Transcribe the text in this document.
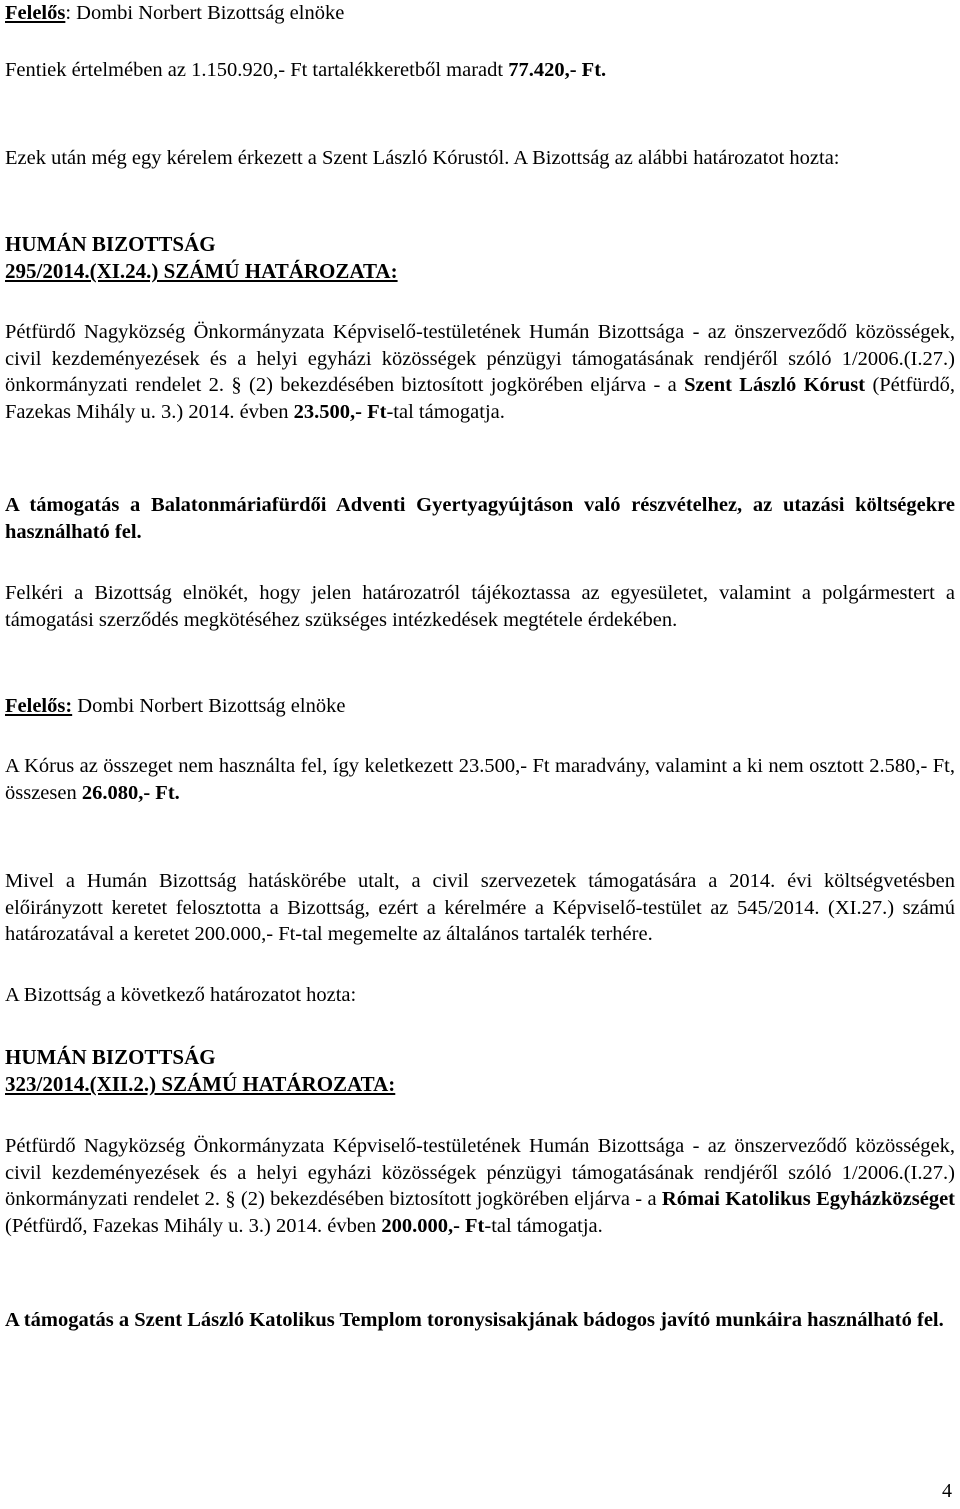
Felelős: Dombi Norbert Bizottság elnöke

Fentiek értelmében az 1.150.920,- Ft tartalékkeretből maradt 77.420,- Ft.

Ezek után még egy kérelem érkezett a Szent László Kórustól. A Bizottság az alábbi határozatot hozta:

HUMÁN BIZOTTSÁG

295/2014.(XI.24.) SZÁMÚ HATÁROZATA:

Pétfürdő Nagyközség Önkormányzata Képviselő-testületének Humán Bizottsága - az önszerveződő közösségek, civil kezdeményezések és a helyi egyházi közösségek pénzügyi támogatásának rendjéről szóló 1/2006.(I.27.) önkormányzati rendelet 2. § (2) bekezdésében biztosított jogkörében eljárva - a Szent László Kórust (Pétfürdő, Fazekas Mihály u. 3.) 2014. évben 23.500,- Ft-tal támogatja.

A támogatás a Balatonmáriafürdői Adventi Gyertyagyújtáson való részvételhez, az utazási költségekre használható fel.

Felkéri a Bizottság elnökét, hogy jelen határozatról tájékoztassa az egyesületet, valamint a polgármestert a támogatási szerződés megkötéséhez szükséges intézkedések megtétele érdekében.

Felelős: Dombi Norbert Bizottság elnöke

A Kórus az összeget nem használta fel, így keletkezett 23.500,- Ft maradvány, valamint a ki nem osztott 2.580,- Ft, összesen 26.080,- Ft.

Mivel a Humán Bizottság hatáskörébe utalt, a civil szervezetek támogatására a 2014. évi költségvetésben előirányzott keretet felosztotta a Bizottság, ezért a kérelmére a Képviselő-testület az 545/2014. (XI.27.) számú határozatával a keretet 200.000,- Ft-tal megemelte az általános tartalék terhére.

A Bizottság a következő határozatot hozta:

HUMÁN BIZOTTSÁG

323/2014.(XII.2.) SZÁMÚ HATÁROZATA:

Pétfürdő Nagyközség Önkormányzata Képviselő-testületének Humán Bizottsága - az önszerveződő közösségek, civil kezdeményezések és a helyi egyházi közösségek pénzügyi támogatásának rendjéről szóló 1/2006.(I.27.) önkormányzati rendelet 2. § (2) bekezdésében biztosított jogkörében eljárva - a Római Katolikus Egyházközséget (Pétfürdő, Fazekas Mihály u. 3.) 2014. évben 200.000,- Ft-tal támogatja.

A támogatás a Szent László Katolikus Templom toronysisakjának bádogos javító munkáira használható fel.

4
